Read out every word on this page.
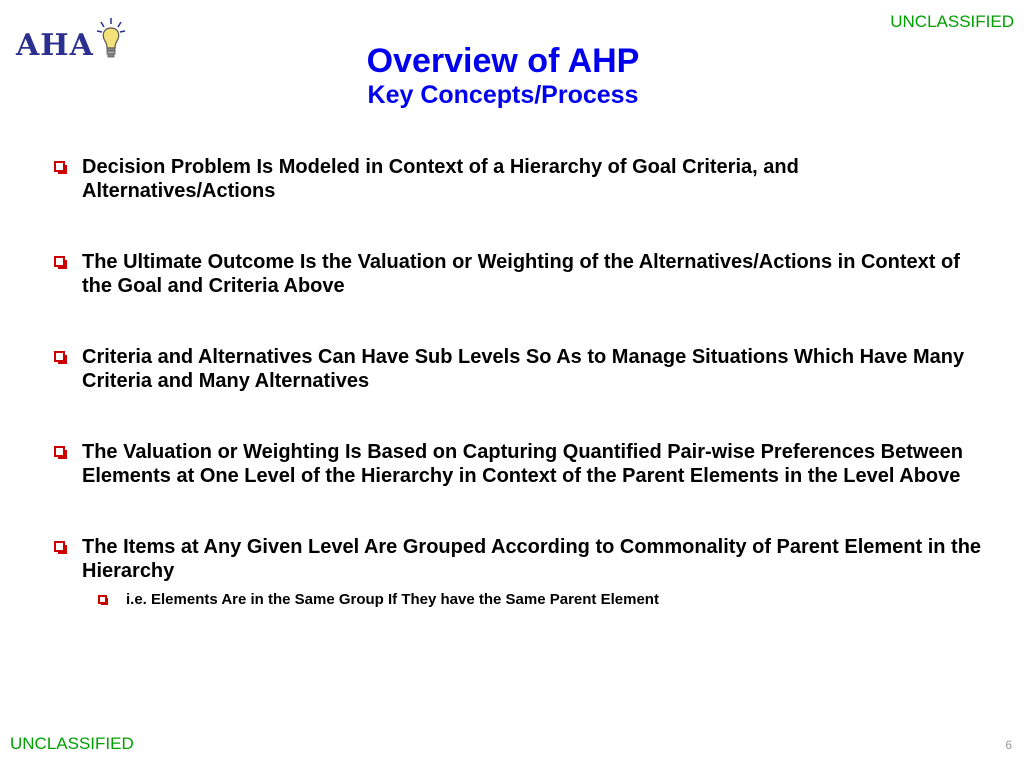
UNCLASSIFIED
AHA	Overview of AHP
Key Concepts/Process
Decision Problem Is Modeled in Context of a Hierarchy of Goal Criteria, and Alternatives/Actions
The Ultimate Outcome Is the Valuation or Weighting of the Alternatives/Actions in Context of the Goal and Criteria Above
Criteria and Alternatives Can Have Sub Levels So As to Manage Situations Which Have Many Criteria and Many Alternatives
The Valuation or Weighting Is Based on Capturing Quantified Pair-wise Preferences Between Elements at One Level of the Hierarchy in Context of the Parent Elements in the Level Above
The Items at Any Given Level Are Grouped According to Commonality of Parent Element in the Hierarchy
i.e. Elements Are in the Same Group If They have the Same Parent Element
UNCLASSIFIED	6
